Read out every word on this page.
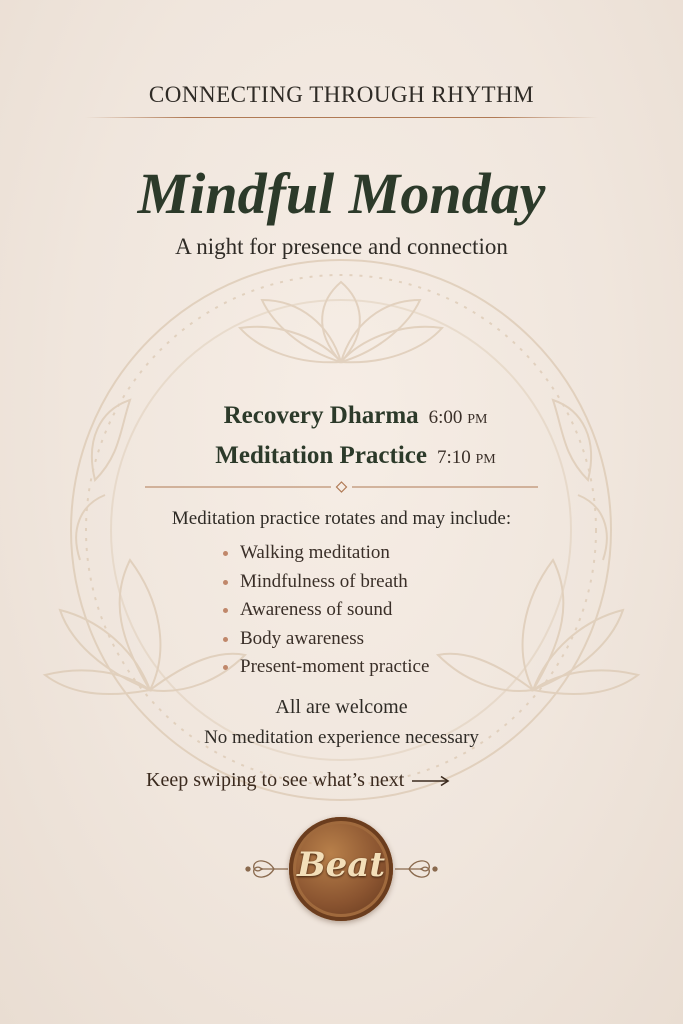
CONNECTING THROUGH RHYTHM
Mindful Monday
A night for presence and connection
Recovery Dharma 6:00 PM
Meditation Practice 7:10 PM
Meditation practice rotates and may include:
Walking meditation
Mindfulness of breath
Awareness of sound
Body awareness
Present-moment practice
All are welcome
No meditation experience necessary
Keep swiping to see what’s next
Beat
